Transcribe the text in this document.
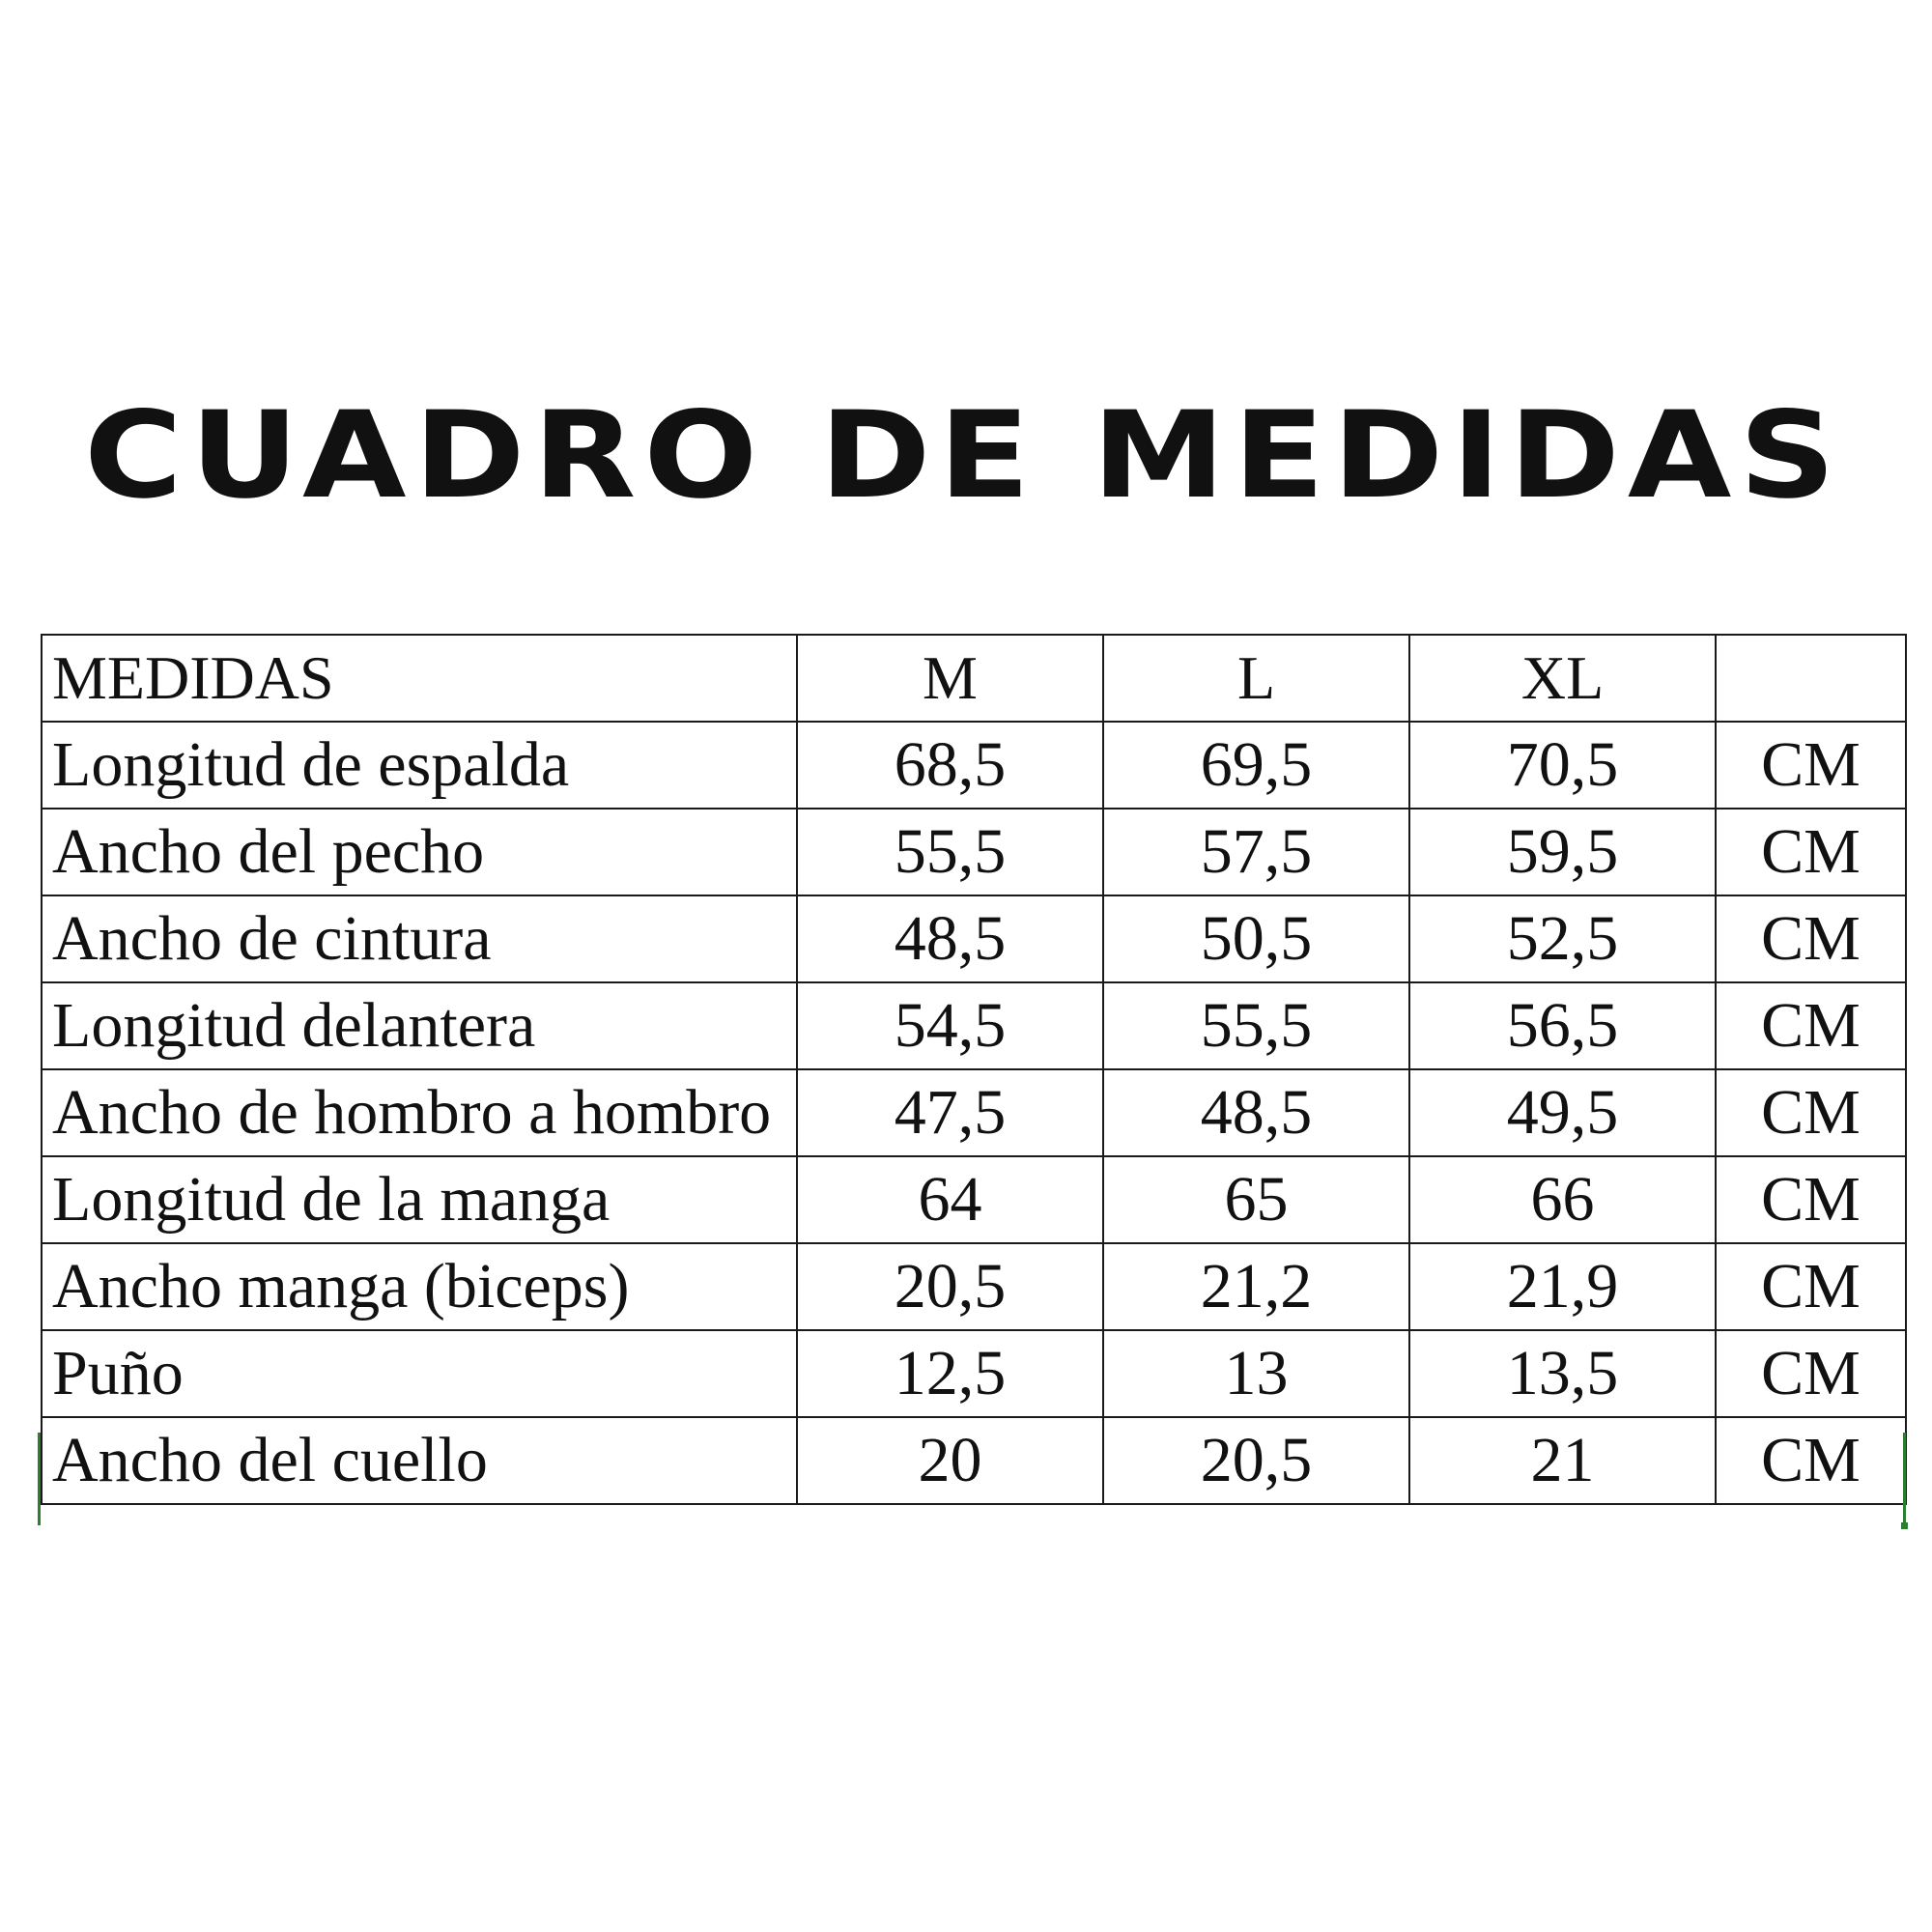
CUADRO DE MEDIDAS
MEDIDAS	M	L	XL	
Longitud de espalda	68,5	69,5	70,5	CM
Ancho del pecho	55,5	57,5	59,5	CM
Ancho de cintura	48,5	50,5	52,5	CM
Longitud delantera	54,5	55,5	56,5	CM
Ancho de hombro a hombro	47,5	48,5	49,5	CM
Longitud de la manga	64	65	66	CM
Ancho manga (biceps)	20,5	21,2	21,9	CM
Puño	12,5	13	13,5	CM
Ancho del cuello	20	20,5	21	CM
